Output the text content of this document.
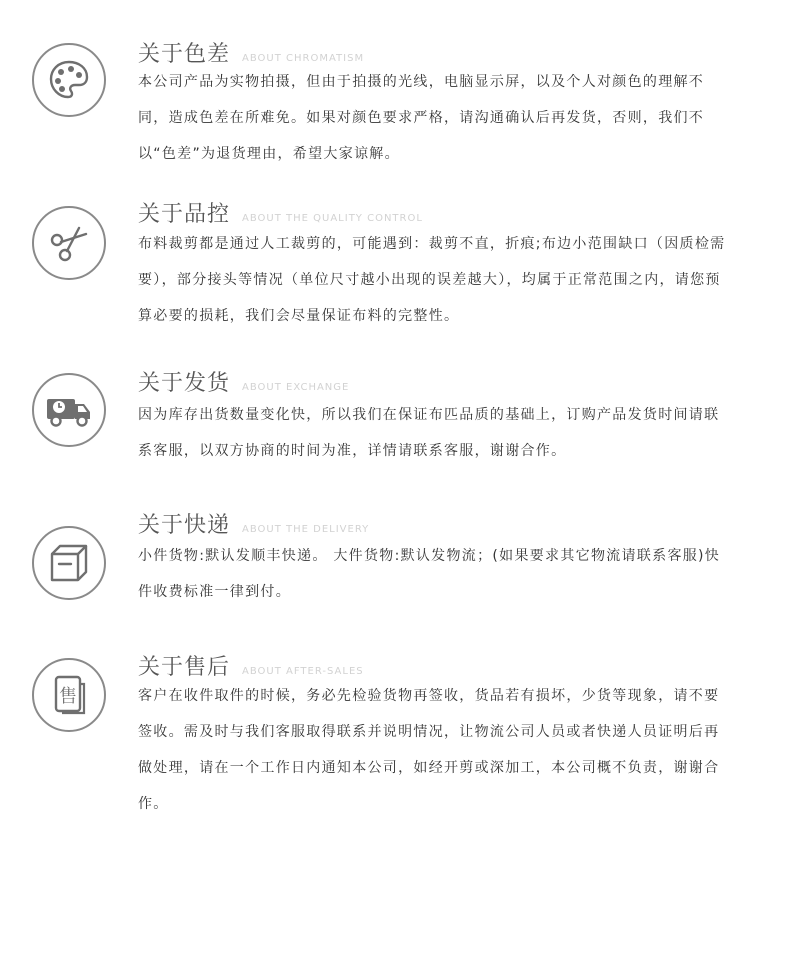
关于色差 ABOUT CHROMATISM
本公司产品为实物拍摄，但由于拍摄的光线，电脑显示屏，以及个人对颜色的理解不同，造成色差在所难免。如果对颜色要求严格，请沟通确认后再发货，否则，我们不以“色差”为退货理由，希望大家谅解。
关于品控 ABOUT THE QUALITY CONTROL
布料裁剪都是通过人工裁剪的，可能遇到：裁剪不直，折痕;布边小范围缺口（因质检需要），部分接头等情况（单位尺寸越小出现的误差越大），均属于正常范围之内，请您预算必要的损耗，我们会尽量保证布料的完整性。
关于发货 ABOUT EXCHANGE
因为库存出货数量变化快，所以我们在保证布匹品质的基础上，订购产品发货时间请联系客服，以双方协商的时间为准，详情请联系客服，谢谢合作。
关于快递 ABOUT THE DELIVERY
小件货物:默认发顺丰快递。 大件货物:默认发物流；(如果要求其它物流请联系客服)快件收费标准一律到付。
售
关于售后 ABOUT AFTER-SALES
客户在收件取件的时候，务必先检验货物再签收，货品若有损坏，少货等现象，请不要签收。需及时与我们客服取得联系并说明情况，让物流公司人员或者快递人员证明后再做处理，请在一个工作日内通知本公司，如经开剪或深加工，本公司概不负责，谢谢合作。
